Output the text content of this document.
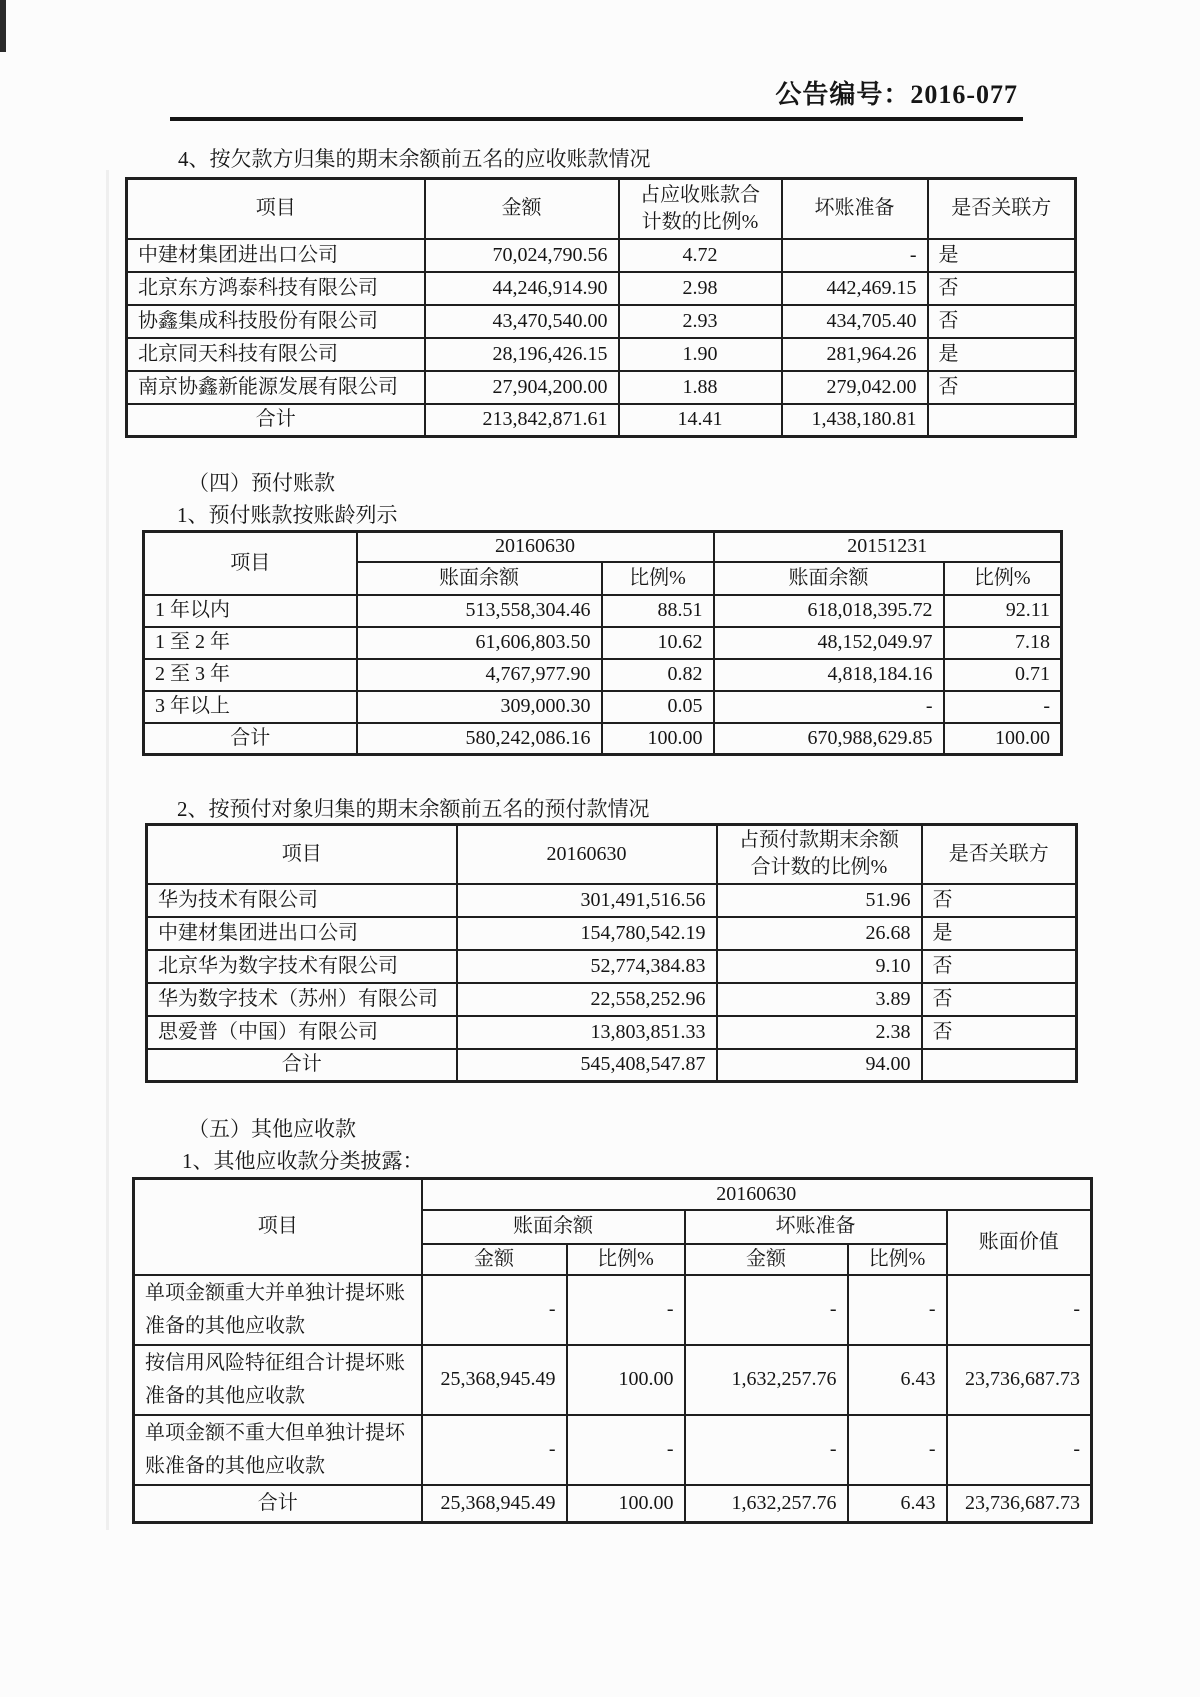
公告编号：2016-077
4、按欠款方归集的期末余额前五名的应收账款情况
项目	金额	占应收账款合计数的比例%	坏账准备	是否关联方
中建材集团进出口公司	70,024,790.56	4.72	-	是
北京东方鸿泰科技有限公司	44,246,914.90	2.98	442,469.15	否
协鑫集成科技股份有限公司	43,470,540.00	2.93	434,705.40	否
北京同天科技有限公司	28,196,426.15	1.90	281,964.26	是
南京协鑫新能源发展有限公司	27,904,200.00	1.88	279,042.00	否
合计	213,842,871.61	14.41	1,438,180.81	
（四）预付账款
1、预付账款按账龄列示
项目	20160630		20151231	
	账面余额	比例%	账面余额	比例%
1 年以内	513,558,304.46	88.51	618,018,395.72	92.11
1 至 2 年	61,606,803.50	10.62	48,152,049.97	7.18
2 至 3 年	4,767,977.90	0.82	4,818,184.16	0.71
3 年以上	309,000.30	0.05	-	-
合计	580,242,086.16	100.00	670,988,629.85	100.00
2、按预付对象归集的期末余额前五名的预付款情况
项目	20160630	占预付款期末余额合计数的比例%	是否关联方
华为技术有限公司	301,491,516.56	51.96	否
中建材集团进出口公司	154,780,542.19	26.68	是
北京华为数字技术有限公司	52,774,384.83	9.10	否
华为数字技术（苏州）有限公司	22,558,252.96	3.89	否
思爱普（中国）有限公司	13,803,851.33	2.38	否
合计	545,408,547.87	94.00	
（五）其他应收款
1、其他应收款分类披露：
项目	20160630				
	账面余额		坏账准备		账面价值
	金额	比例%	金额	比例%	
单项金额重大并单独计提坏账准备的其他应收款	-	-	-	-	-
按信用风险特征组合计提坏账准备的其他应收款	25,368,945.49	100.00	1,632,257.76	6.43	23,736,687.73
单项金额不重大但单独计提坏账准备的其他应收款	-	-	-	-	-
合计	25,368,945.49	100.00	1,632,257.76	6.43	23,736,687.73
